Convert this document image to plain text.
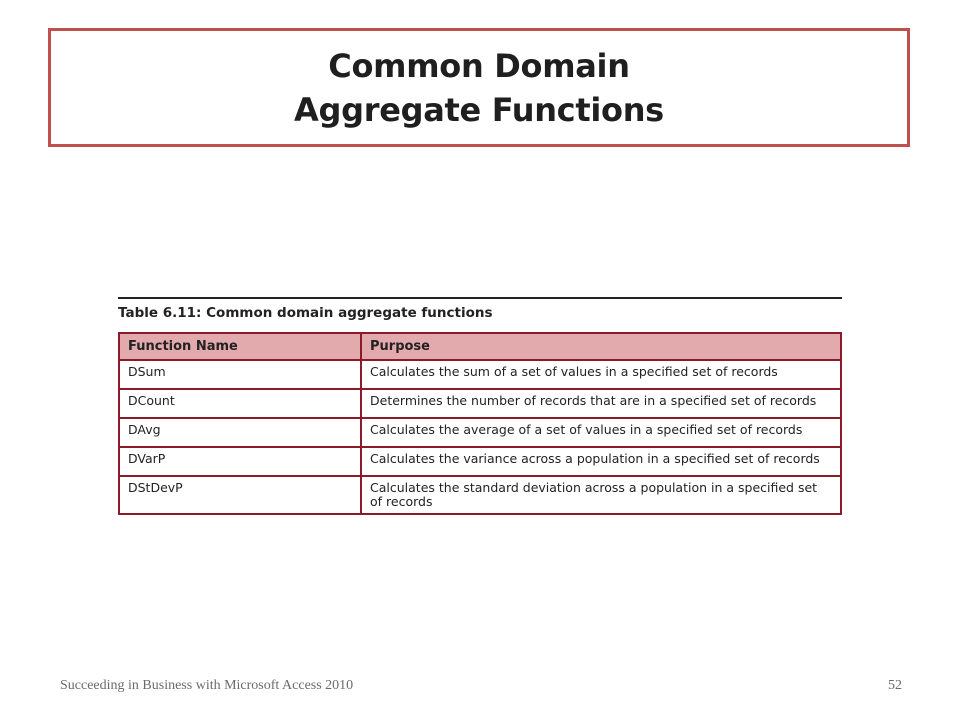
Common Domain
Aggregate Functions
Table 6.11: Common domain aggregate functions
Function Name	Purpose
DSum	Calculates the sum of a set of values in a specified set of records
DCount	Determines the number of records that are in a specified set of records
DAvg	Calculates the average of a set of values in a specified set of records
DVarP	Calculates the variance across a population in a specified set of records
DStDevP	Calculates the standard deviation across a population in a specified set of records
Succeeding in Business with Microsoft Access 2010	52
